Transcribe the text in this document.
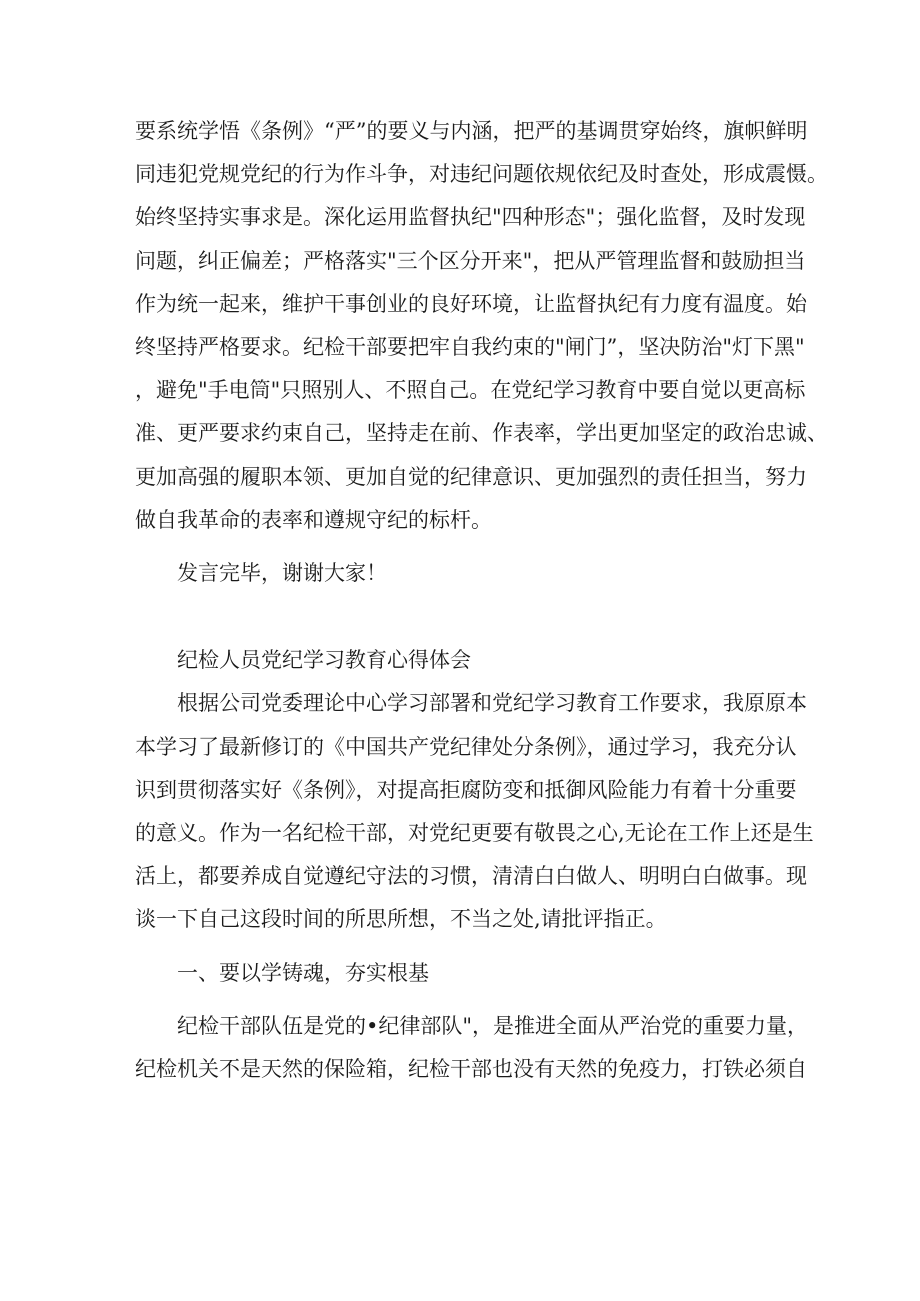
要系统学悟《条例》“严”的要义与内涵，把严的基调贯穿始终，旗帜鲜明
同违犯党规党纪的行为作斗争，对违纪问题依规依纪及时查处，形成震慑。
始终坚持实事求是。深化运用监督执纪"四种形态"；强化监督，及时发现
问题，纠正偏差；严格落实"三个区分开来"，把从严管理监督和鼓励担当
作为统一起来，维护干事创业的良好环境，让监督执纪有力度有温度。始
终坚持严格要求。纪检干部要把牢自我约束的"闸门”，坚决防治"灯下黑"
，避免"手电筒"只照别人、不照自己。在党纪学习教育中要自觉以更高标
准、更严要求约束自己，坚持走在前、作表率，学出更加坚定的政治忠诚、
更加高强的履职本领、更加自觉的纪律意识、更加强烈的责任担当，努力
做自我革命的表率和遵规守纪的标杆。
发言完毕，谢谢大家！
纪检人员党纪学习教育心得体会
根据公司党委理论中心学习部署和党纪学习教育工作要求，我原原本
本学习了最新修订的《中国共产党纪律处分条例》，通过学习，我充分认
识到贯彻落实好《条例》，对提高拒腐防变和抵御风险能力有着十分重要
的意义。作为一名纪检干部，对党纪更要有敬畏之心,无论在工作上还是生
活上，都要养成自觉遵纪守法的习惯，清清白白做人、明明白白做事。现
谈一下自己这段时间的所思所想，不当之处,请批评指正。
一、要以学铸魂，夯实根基
纪检干部队伍是党的•纪律部队"，是推进全面从严治党的重要力量，
纪检机关不是天然的保险箱，纪检干部也没有天然的免疫力，打铁必须自
